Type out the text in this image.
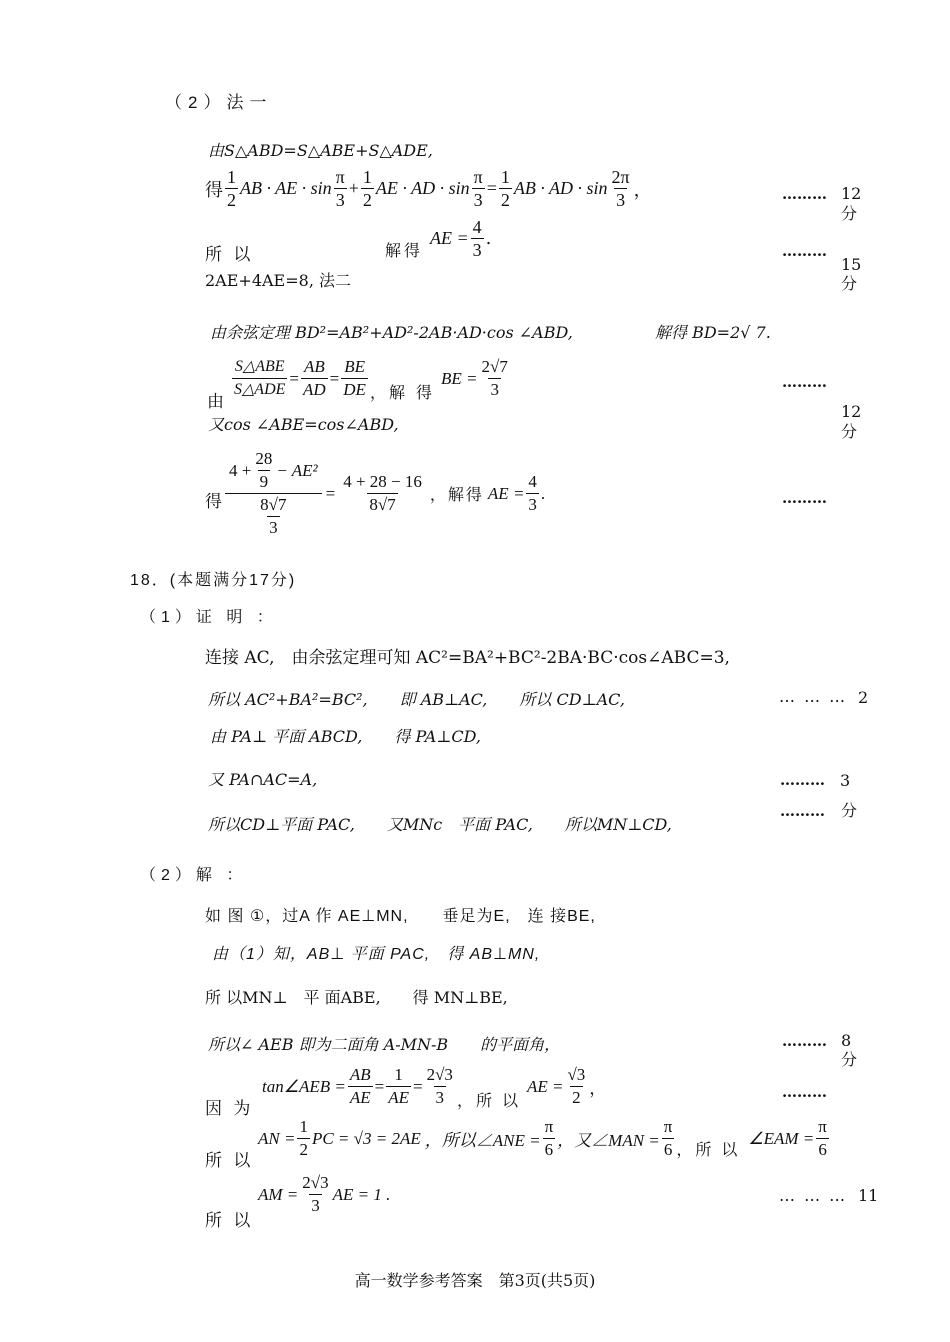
（2）法一
由S△ABD=S△ABE+S△ADE,
得 $\frac{1}{2}$ AB · AE · $\sin \frac{\pi}{3} + \frac{1}{2}$ AE · AD · $\sin \frac{\pi}{3} = \frac{1}{2}$ AB · AD · $\sin \frac{2\pi}{3}$ ，	……… 12
分
所 以	解得
AE = $\frac{4}{3}$ .
………
15
分
2AE+4AE=8, 法二
由余弦定理 BD²=AB²+AD²-2AB·AD·cos ∠ABD,	解得 BD=2√ 7.
由
$\frac{\text{S△ABE}}{\text{S△ADE}} = \frac{AB}{AD} = \frac{BE}{DE}$ ，解 得
BE = $\frac{2√7}{3}$	………
12
分
又cos ∠ABE=cos∠ABD,
得 $\frac{4 + \frac{28}{9} - AE^2}{\frac{8√7}{3}} = \frac{4 + 28 - 16}{8√7}$ ，解得 AE = $\frac{4}{3}$ .	………
18．(本题满分17分)
（1）证 明 ：
连接 AC,　由余弦定理可知 AC²=BA²+BC²-2BA·BC·cos∠ABC=3,
所以 AC²+BA²=BC²,　　即 AB⊥AC,　　所以 CD⊥AC,	… … … 2
由 PA⊥ 平面 ABCD,　　得 PA⊥CD,
又 PA∩AC=A,	……… 3
所以CD⊥平面 PAC,　　又MNc　平面 PAC,　　所以MN⊥CD,
……… 分
（2）解 ：
如 图 ①，过A 作 AE⊥MN,　　垂足为E,　连 接BE,
由（1）知，AB⊥ 平面 PAC,　得 AB⊥MN,
所 以MN⊥　平 面ABE,　　得 MN⊥BE,
所以∠ AEB 即为二面角 A-MN-B　　的平面角，	……… 8
分
因 为
tan∠AEB = $\frac{AB}{AE} = \frac{1}{AE} = \frac{2√3}{3}$ ，所 以
AE = $\frac{√3}{2}$ ，	………
所 以
AN = $\frac{1}{2}$ PC = √3 = 2AE ，所以∠ANE = $\frac{\pi}{6}$ ，又∠MAN = $\frac{\pi}{6}$ ，所 以
∠EAM = $\frac{\pi}{6}$
所 以
AM = $\frac{2√3}{3}$ AE = 1 .	… … … 11
高一数学参考答案　第3页(共5页)
